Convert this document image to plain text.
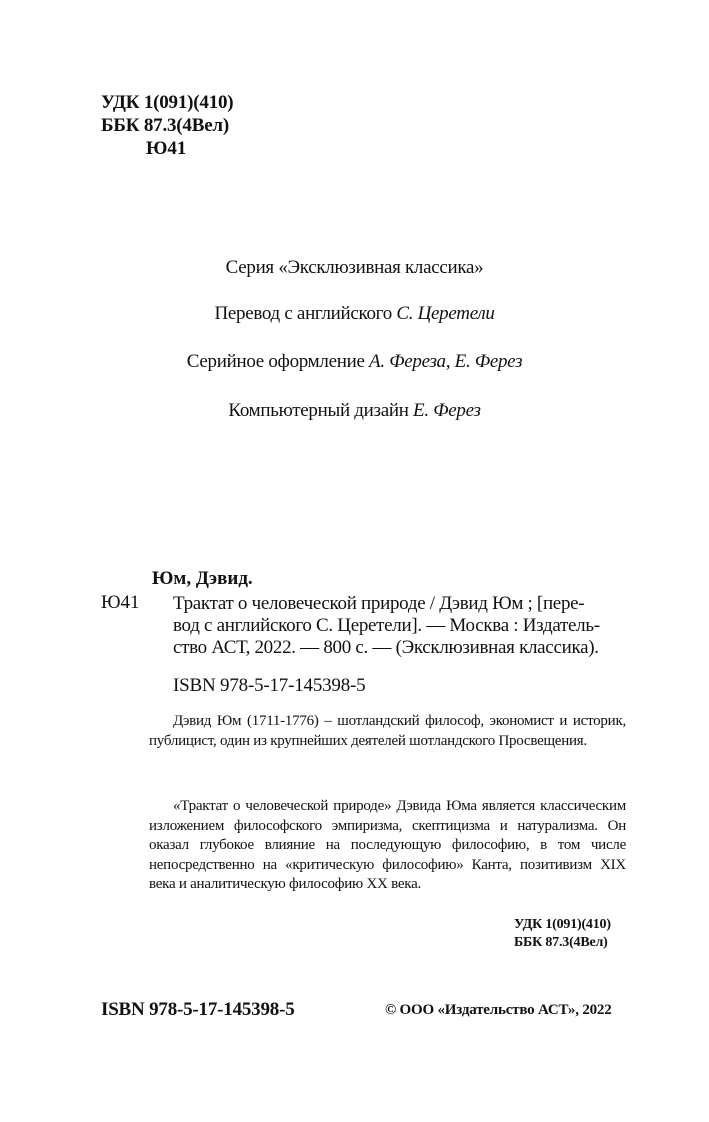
УДК 1(091)(410)
ББК 87.3(4Вел)
Ю41
Серия «Эксклюзивная классика»
Перевод с английского С. Церетели
Серийное оформление А. Фереза, Е. Ферез
Компьютерный дизайн Е. Ферез
Юм, Дэвид.
Ю41 Трактат о человеческой природе / Дэвид Юм ; [пере-
вод с английского С. Церетели]. — Москва : Издатель-
ство АСТ, 2022. — 800 с. — (Эксклюзивная классика).
ISBN 978-5-17-145398-5
Дэвид Юм (1711-1776) – шотландский философ, экономист и историк, публицист, один из крупнейших деятелей шотландского Просвещения.
«Трактат о человеческой природе» Дэвида Юма является классическим изложением философского эмпиризма, скептицизма и натурализма. Он оказал глубокое влияние на последующую философию, в том числе непосредственно на «критическую философию» Канта, позитивизм XIX века и аналитическую философию XX века.
УДК 1(091)(410)
ББК 87.3(4Вел)
ISBN 978-5-17-145398-5	© ООО «Издательство АСТ», 2022
